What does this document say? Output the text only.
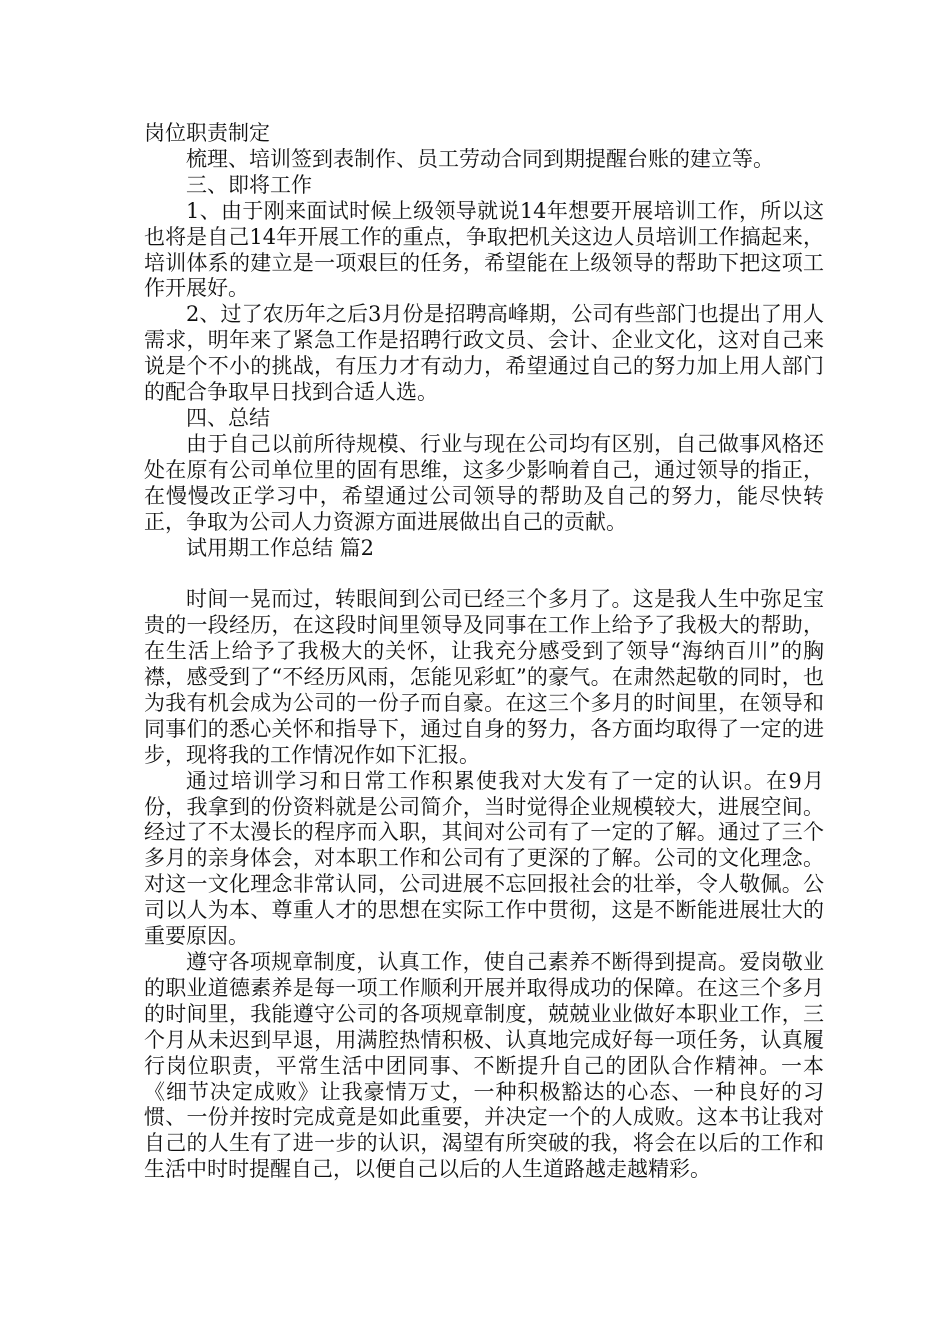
岗位职责制定

梳理、培训签到表制作、员工劳动合同到期提醒台账的建立等。

三、即将工作

1、由于刚来面试时候上级领导就说14年想要开展培训工作，所以这也将是自己14年开展工作的重点，争取把机关这边人员培训工作搞起来，培训体系的建立是一项艰巨的任务，希望能在上级领导的帮助下把这项工作开展好。

2、过了农历年之后3月份是招聘高峰期，公司有些部门也提出了用人需求，明年来了紧急工作是招聘行政文员、会计、企业文化，这对自己来说是个不小的挑战，有压力才有动力，希望通过自己的努力加上用人部门的配合争取早日找到合适人选。

四、总结

由于自己以前所待规模、行业与现在公司均有区别，自己做事风格还处在原有公司单位里的固有思维，这多少影响着自己，通过领导的指正，在慢慢改正学习中，希望通过公司领导的帮助及自己的努力，能尽快转正，争取为公司人力资源方面进展做出自己的贡献。

试用期工作总结 篇2

时间一晃而过，转眼间到公司已经三个多月了。这是我人生中弥足宝贵的一段经历，在这段时间里领导及同事在工作上给予了我极大的帮助，在生活上给予了我极大的关怀，让我充分感受到了领导“海纳百川”的胸襟，感受到了“不经历风雨，怎能见彩虹”的豪气。在肃然起敬的同时，也为我有机会成为公司的一份子而自豪。在这三个多月的时间里，在领导和同事们的悉心关怀和指导下，通过自身的努力，各方面均取得了一定的进步，现将我的工作情况作如下汇报。

通过培训学习和日常工作积累使我对大发有了一定的认识。在9月份，我拿到的份资料就是公司简介，当时觉得企业规模较大，进展空间。经过了不太漫长的程序而入职，其间对公司有了一定的了解。通过了三个多月的亲身体会，对本职工作和公司有了更深的了解。公司的文化理念。对这一文化理念非常认同，公司进展不忘回报社会的壮举，令人敬佩。公司以人为本、尊重人才的思想在实际工作中贯彻，这是不断能进展壮大的重要原因。

遵守各项规章制度，认真工作，使自己素养不断得到提高。爱岗敬业的职业道德素养是每一项工作顺利开展并取得成功的保障。在这三个多月的时间里，我能遵守公司的各项规章制度，兢兢业业做好本职业工作，三个月从未迟到早退，用满腔热情积极、认真地完成好每一项任务，认真履行岗位职责，平常生活中团同事、不断提升自己的团队合作精神。一本《细节决定成败》让我豪情万丈，一种积极豁达的心态、一种良好的习惯、一份并按时完成竟是如此重要，并决定一个的人成败。这本书让我对自己的人生有了进一步的认识，渴望有所突破的我，将会在以后的工作和生活中时时提醒自己，以便自己以后的人生道路越走越精彩。
